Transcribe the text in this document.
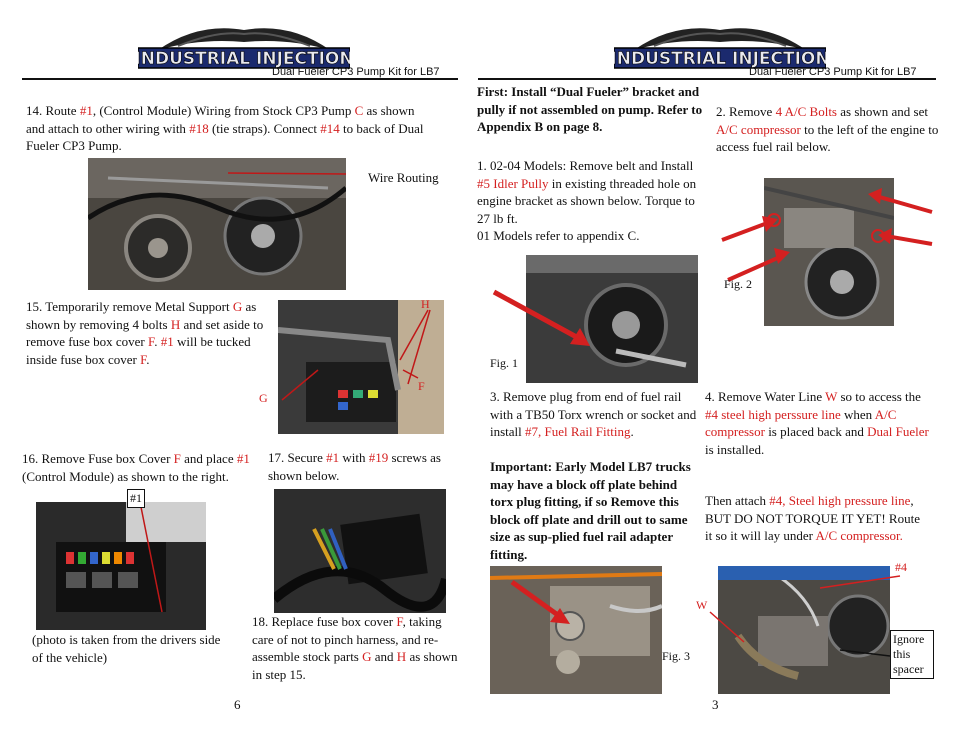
INDUSTRIAL INJECTION
Dual Fueler CP3 Pump Kit for LB7
14. Route #1, (Control Module) Wiring from Stock CP3 Pump C as shown and attach to other wiring with #18 (tie straps). Connect #14 to back of Dual Fueler CP3 Pump.
Wire Routing
15. Temporarily remove Metal Support G as shown by removing 4 bolts H and set aside to remove fuse box cover F. #1 will be tucked inside fuse box cover F.
H
G
F
16. Remove Fuse box Cover F and place #1 (Control Module) as shown to the right.
#1
(photo is taken from the drivers side of the vehicle)
17. Secure #1 with #19 screws as shown below.
18. Replace fuse box cover F, taking care of not to pinch harness, and re-assemble stock parts G and H as shown in step 15.
6
INDUSTRIAL INJECTION
Dual Fueler CP3 Pump Kit for LB7
First: Install “Dual Fueler” bracket and pully if not assembled on pump. Refer to Appendix B on page 8.
1. 02-04 Models: Remove belt and Install #5 Idler Pully in existing threaded hole on engine bracket as shown below. Torque to 27 lb ft.
01 Models refer to appendix C.
Fig. 1
2. Remove 4 A/C Bolts as shown and set A/C compressor to the left of the engine to access fuel rail below.
Fig. 2
3. Remove plug from end of fuel rail with a TB50 Torx wrench or socket and install #7, Fuel Rail Fitting.
Important: Early Model LB7 trucks may have a block off plate behind torx plug fitting, if so Remove this block off plate and drill out to same size as sup-plied fuel rail adapter fitting.
Fig. 3
4. Remove Water Line W so to access the #4 steel high perssure line when A/C compressor is placed back and Dual Fueler is installed.
Then attach #4, Steel high pressure line, BUT DO NOT TORQUE IT YET! Route it so it will lay under A/C compressor.
#4
W
Ignore this spacer
3
